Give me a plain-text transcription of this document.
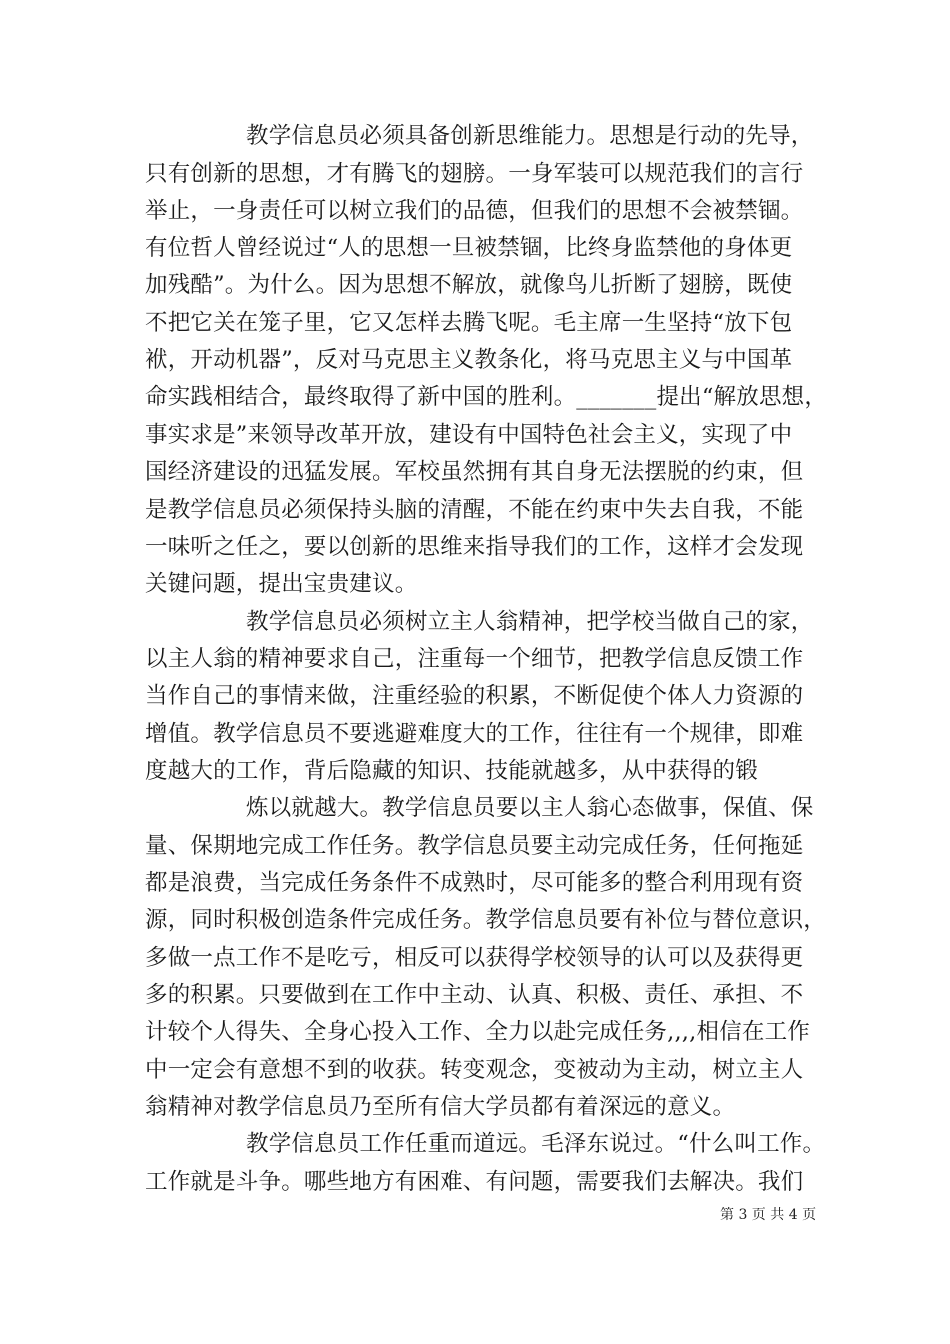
教学信息员必须具备创新思维能力。思想是行动的先导，
只有创新的思想，才有腾飞的翅膀。一身军装可以规范我们的言行
举止，一身责任可以树立我们的品德，但我们的思想不会被禁锢。
有位哲人曾经说过“人的思想一旦被禁锢，比终身监禁他的身体更
加残酷”。为什么。因为思想不解放，就像鸟儿折断了翅膀，既使
不把它关在笼子里，它又怎样去腾飞呢。毛主席一生坚持“放下包
袱，开动机器”，反对马克思主义教条化，将马克思主义与中国革
命实践相结合，最终取得了新中国的胜利。_______提出“解放思想，
事实求是”来领导改革开放，建设有中国特色社会主义，实现了中
国经济建设的迅猛发展。军校虽然拥有其自身无法摆脱的约束，但
是教学信息员必须保持头脑的清醒，不能在约束中失去自我，不能
一味听之任之，要以创新的思维来指导我们的工作，这样才会发现
关键问题，提出宝贵建议。
教学信息员必须树立主人翁精神，把学校当做自己的家，
以主人翁的精神要求自己，注重每一个细节，把教学信息反馈工作
当作自己的事情来做，注重经验的积累，不断促使个体人力资源的
增值。教学信息员不要逃避难度大的工作，往往有一个规律，即难
度越大的工作，背后隐藏的知识、技能就越多，从中获得的锻
炼以就越大。教学信息员要以主人翁心态做事，保值、保
量、保期地完成工作任务。教学信息员要主动完成任务，任何拖延
都是浪费，当完成任务条件不成熟时，尽可能多的整合利用现有资
源，同时积极创造条件完成任务。教学信息员要有补位与替位意识，
多做一点工作不是吃亏，相反可以获得学校领导的认可以及获得更
多的积累。只要做到在工作中主动、认真、积极、责任、承担、不
计较个人得失、全身心投入工作、全力以赴完成任务,,,,相信在工作
中一定会有意想不到的收获。转变观念，变被动为主动，树立主人
翁精神对教学信息员乃至所有信大学员都有着深远的意义。
教学信息员工作任重而道远。毛泽东说过。“什么叫工作。
工作就是斗争。哪些地方有困难、有问题，需要我们去解决。我们
第 3 页 共 4 页
